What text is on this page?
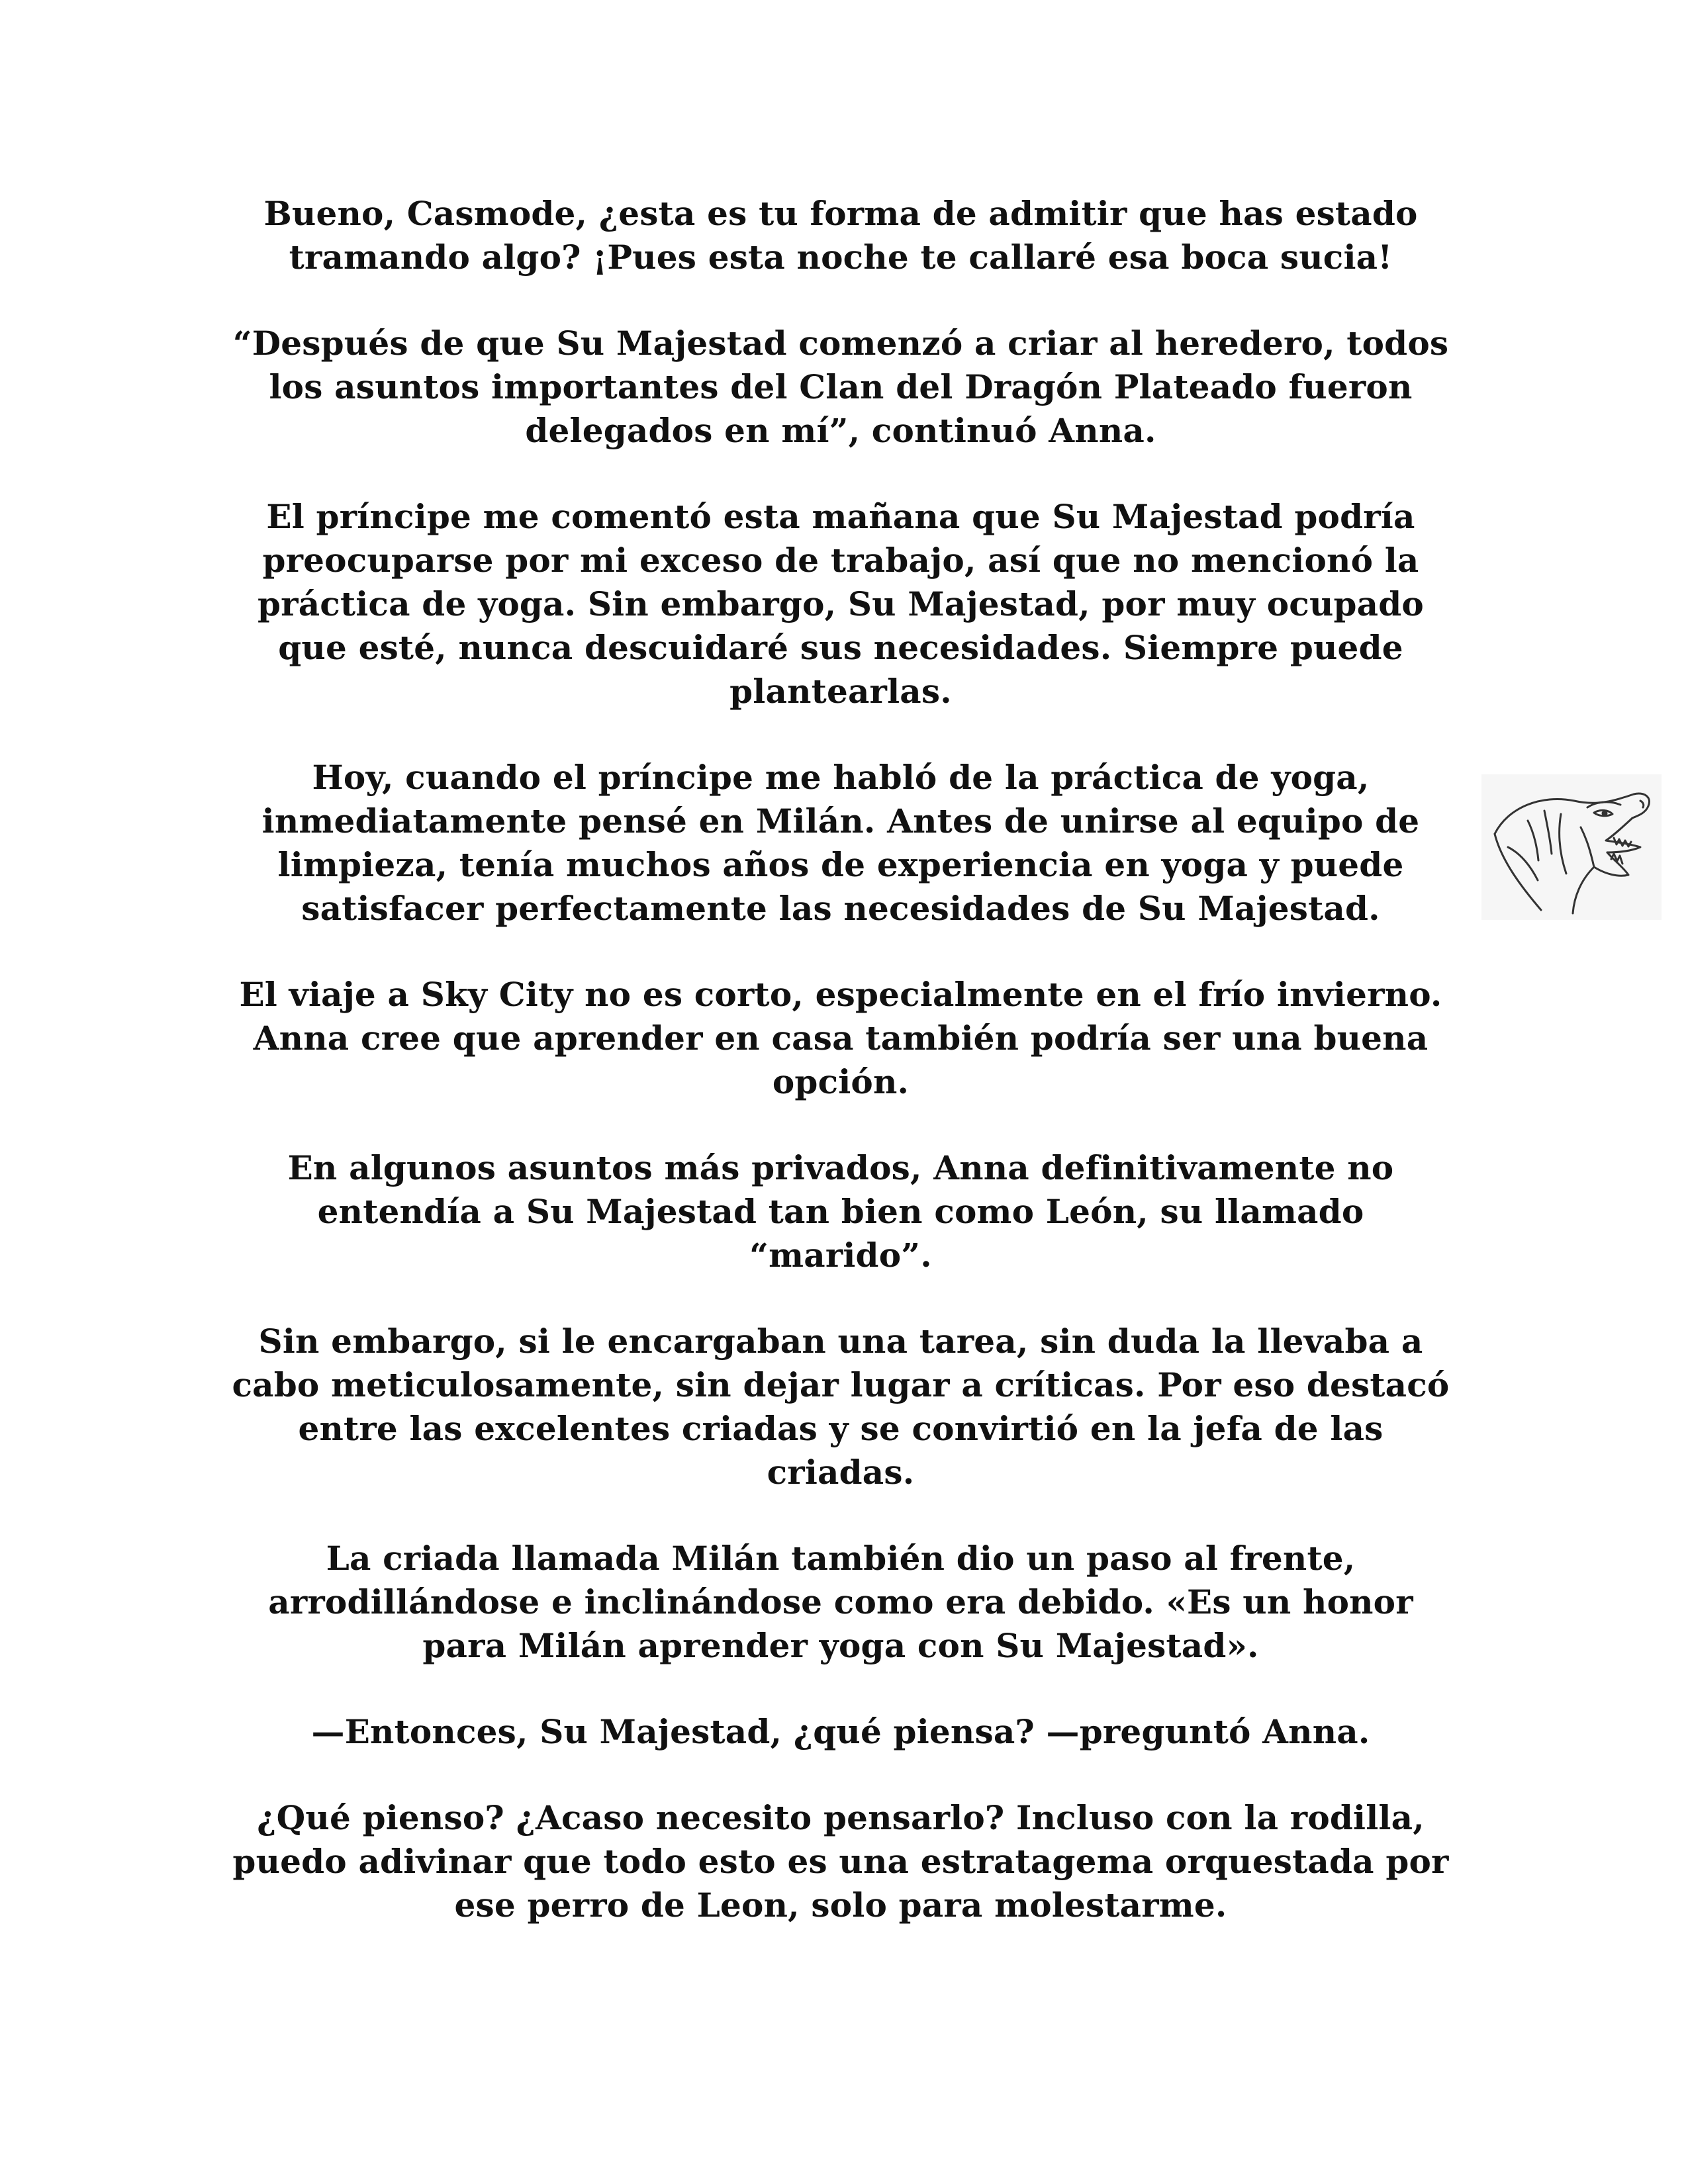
Bueno, Casmode, ¿esta es tu forma de admitir que has estado tramando algo? ¡Pues esta noche te callaré esa boca sucia!

“Después de que Su Majestad comenzó a criar al heredero, todos los asuntos importantes del Clan del Dragón Plateado fueron delegados en mí”, continuó Anna.

El príncipe me comentó esta mañana que Su Majestad podría preocuparse por mi exceso de trabajo, así que no mencionó la práctica de yoga. Sin embargo, Su Majestad, por muy ocupado que esté, nunca descuidaré sus necesidades. Siempre puede plantearlas.

Hoy, cuando el príncipe me habló de la práctica de yoga, inmediatamente pensé en Milán. Antes de unirse al equipo de limpieza, tenía muchos años de experiencia en yoga y puede satisfacer perfectamente las necesidades de Su Majestad.

El viaje a Sky City no es corto, especialmente en el frío invierno. Anna cree que aprender en casa también podría ser una buena opción.

En algunos asuntos más privados, Anna definitivamente no entendía a Su Majestad tan bien como León, su llamado “marido”.

Sin embargo, si le encargaban una tarea, sin duda la llevaba a cabo meticulosamente, sin dejar lugar a críticas. Por eso destacó entre las excelentes criadas y se convirtió en la jefa de las criadas.

La criada llamada Milán también dio un paso al frente, arrodillándose e inclinándose como era debido. «Es un honor para Milán aprender yoga con Su Majestad».

—Entonces, Su Majestad, ¿qué piensa? —preguntó Anna.

¿Qué pienso? ¿Acaso necesito pensarlo? Incluso con la rodilla, puedo adivinar que todo esto es una estratagema orquestada por ese perro de Leon, solo para molestarme.
